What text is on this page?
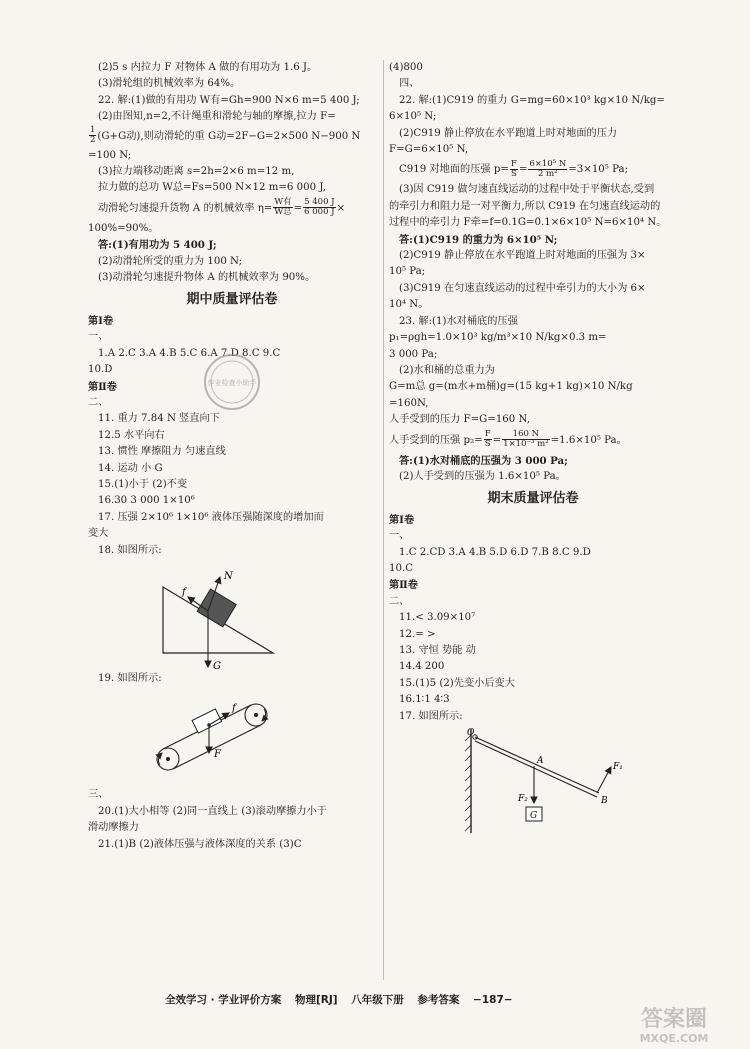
(2)5 s 内拉力 F 对物体 A 做的有用功为 1.6 J。

(3)滑轮组的机械效率为 64%。

22. 解:(1)做的有用功 W有=Gh=900 N×6 m=5 400 J;

(2)由图知,n=2,不计绳重和滑轮与轴的摩擦,拉力 F=

$\frac{1}{2} (G+G$动),则动滑轮的重 G动=2F−G=2×500 N−900 N

=100 N;

(3)拉力端移动距离 s=2h=2×6 m=12 m,

拉力做的总功 W总=Fs=500 N×12 m=6 000 J,

动滑轮匀速提升货物 A 的机械效率 $\eta= \frac{\text{W有}}{\text{W总}} = \frac{5 400 J}{6 000 J}$ ×

100%=90%。

答:(1)有用功为 5 400 J;

(2)动滑轮所受的重力为 100 N;

(3)动滑轮匀速提升物体 A 的机械效率为 90%。

期中质量评估卷

第Ⅰ卷

一、

1.A 2.C 3.A 4.B 5.C 6.A 7.D 8.C 9.C

10.D

第Ⅱ卷

二、

11. 重力 7.84 N 竖直向下

12.5 水平向右

13. 惯性 摩擦阻力 匀速直线

14. 运动 小 G

15.(1)小于 (2)不变

16.30 3 000 1×10⁶

17. 压强 2×10⁶ 1×10⁶ 液体压强随深度的增加而

变大

18. 如图所示:

f
N
G

19. 如图所示:

f
F

三、

20.(1)大小相等 (2)同一直线上 (3)滚动摩擦力小于

滑动摩擦力

21.(1)B (2)液体压强与液体深度的关系 (3)C

作业检查小助手

(4)800

四、

22. 解:(1)C919 的重力 G=mg=60×10³ kg×10 N/kg=

6×10⁵ N;

(2)C919 静止停放在水平跑道上时对地面的压力

F=G=6×10⁵ N,

C919 对地面的压强 $p= \frac{F}{S} = \frac{\text{6×10⁵ N}}{\text{2 m²}} =3\times 10^5$ Pa;

(3)因 C919 做匀速直线运动的过程中处于平衡状态,受到

的牵引力和阻力是一对平衡力,所以 C919 在匀速直线运动的

过程中的牵引力 F牵=f=0.1G=0.1×6×10⁵ N=6×10⁴ N。

答:(1)C919 的重力为 6×10⁵ N;

(2)C919 静止停放在水平跑道上时对地面的压强为 3×

10⁵ Pa;

(3)C919 在匀速直线运动的过程中牵引力的大小为 6×

10⁴ N。

23. 解:(1)水对桶底的压强

p₁=ρgh=1.0×10³ kg/m³×10 N/kg×0.3 m=

3 000 Pa;

(2)水和桶的总重力为

G=m总 g=(m水+m桶)g=(15 kg+1 kg)×10 N/kg

=160N,

人手受到的压力 F=G=160 N,

人手受到的压强 $p_2= \frac{F}{S} = \frac{160 N}{\text{1×10⁻³ m²}} =1.6\times 10^5$ Pa。

答:(1)水对桶底的压强为 3 000 Pa;

(2)人手受到的压强为 1.6×10⁵ Pa。

期末质量评估卷

第Ⅰ卷

一、

1.C 2.CD 3.A 4.B 5.D 6.D 7.B 8.C 9.D

10.C

第Ⅱ卷

二、

11.< 3.09×10⁷

12.= >

13. 守恒 势能 动

14.4 200

15.(1)5 (2)先变小后变大

16.1∶1 4∶3

17. 如图所示:

O
A
F₁
F₂	B
G
全效学习 · 学业评价方案 物理[RJ] 八年级下册 参考答案 −187−
答案圈
MXQE.COM
